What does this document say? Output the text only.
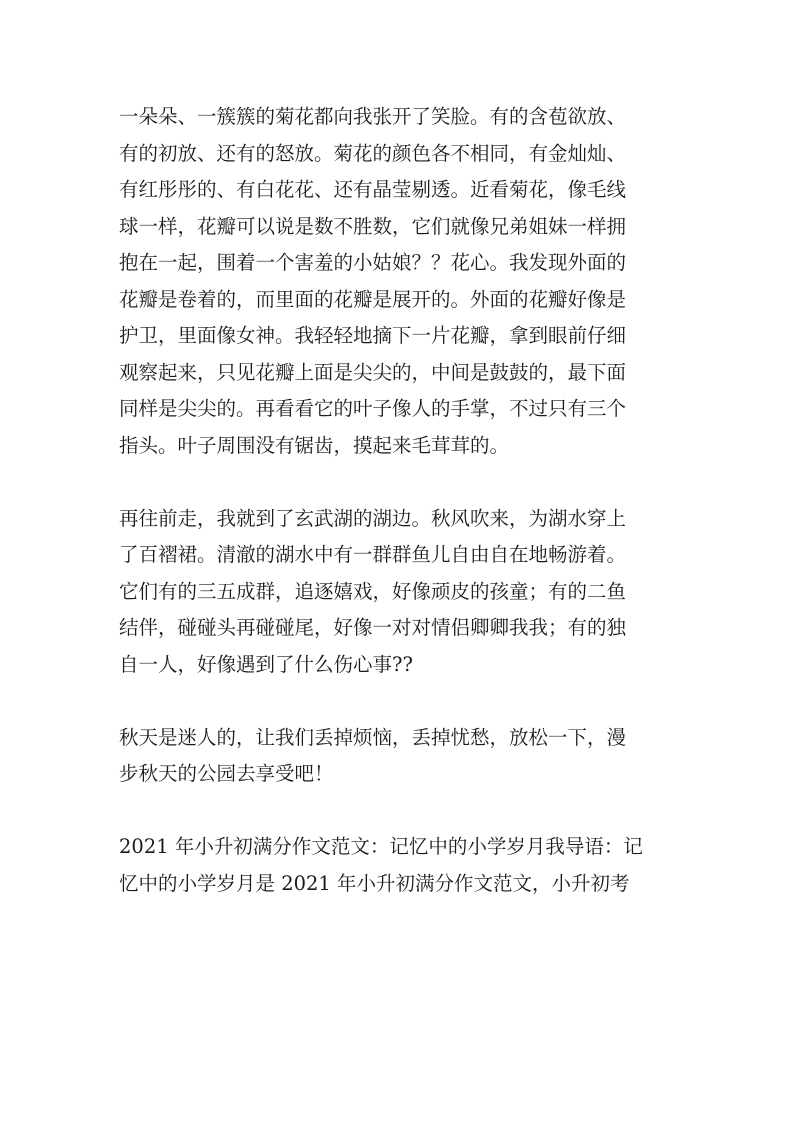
一朵朵、一簇簇的菊花都向我张开了笑脸。有的含苞欲放、
有的初放、还有的怒放。菊花的颜色各不相同，有金灿灿、
有红彤彤的、有白花花、还有晶莹剔透。近看菊花，像毛线
球一样，花瓣可以说是数不胜数，它们就像兄弟姐妹一样拥
抱在一起，围着一个害羞的小姑娘？？花心。我发现外面的
花瓣是卷着的，而里面的花瓣是展开的。外面的花瓣好像是
护卫，里面像女神。我轻轻地摘下一片花瓣，拿到眼前仔细
观察起来，只见花瓣上面是尖尖的，中间是鼓鼓的，最下面
同样是尖尖的。再看看它的叶子像人的手掌，不过只有三个
指头。叶子周围没有锯齿，摸起来毛茸茸的。
再往前走，我就到了玄武湖的湖边。秋风吹来，为湖水穿上
了百褶裙。清澈的湖水中有一群群鱼儿自由自在地畅游着。
它们有的三五成群，追逐嬉戏，好像顽皮的孩童；有的二鱼
结伴，碰碰头再碰碰尾，好像一对对情侣卿卿我我；有的独
自一人，好像遇到了什么伤心事??
秋天是迷人的，让我们丢掉烦恼，丢掉忧愁，放松一下，漫
步秋天的公园去享受吧！
2021 年小升初满分作文范文：记忆中的小学岁月我导语：记
忆中的小学岁月是 2021 年小升初满分作文范文，小升初考
